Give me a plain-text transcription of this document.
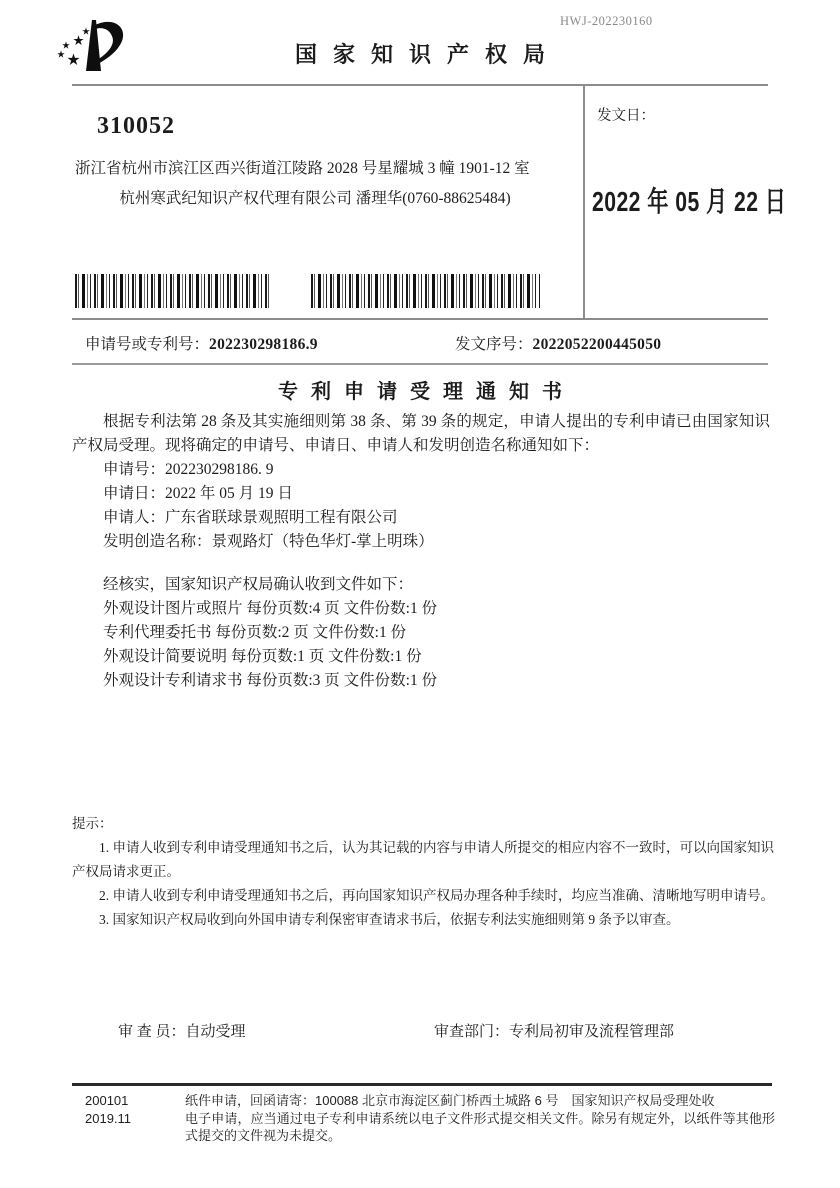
★
★
★
★ ★
HWJ-202230160
国家知识产权局
310052
浙江省杭州市滨江区西兴街道江陵路 2028 号星耀城 3 幢 1901-12 室
杭州寒武纪知识产权代理有限公司 潘理华(0760-88625484)
发文日：
2022 年 05 月 22 日
申请号或专利号：202230298186.9	发文序号：2022052200445050
专利申请受理通知书
根据专利法第 28 条及其实施细则第 38 条、第 39 条的规定，申请人提出的专利申请已由国家知识产权局受理。现将确定的申请号、申请日、申请人和发明创造名称通知如下：
申请号：202230298186. 9
申请日：2022 年 05 月 19 日
申请人：广东省联球景观照明工程有限公司
发明创造名称：景观路灯（特色华灯-掌上明珠）
经核实，国家知识产权局确认收到文件如下：
外观设计图片或照片 每份页数:4 页 文件份数:1 份
专利代理委托书 每份页数:2 页 文件份数:1 份
外观设计简要说明 每份页数:1 页 文件份数:1 份
外观设计专利请求书 每份页数:3 页 文件份数:1 份

提示：

1. 申请人收到专利申请受理通知书之后，认为其记载的内容与申请人所提交的相应内容不一致时，可以向国家知识产权局请求更正。

2. 申请人收到专利申请受理通知书之后，再向国家知识产权局办理各种手续时，均应当准确、清晰地写明申请号。

3. 国家知识产权局收到向外国申请专利保密审查请求书后，依据专利法实施细则第 9 条予以审查。

审 查 员：自动受理	审查部门：专利局初审及流程管理部
200101	纸件申请，回函请寄：100088 北京市海淀区蓟门桥西土城路 6 号　国家知识产权局受理处收
2019.11	电子申请，应当通过电子专利申请系统以电子文件形式提交相关文件。除另有规定外，以纸件等其他形式提交的文件视为未提交。
